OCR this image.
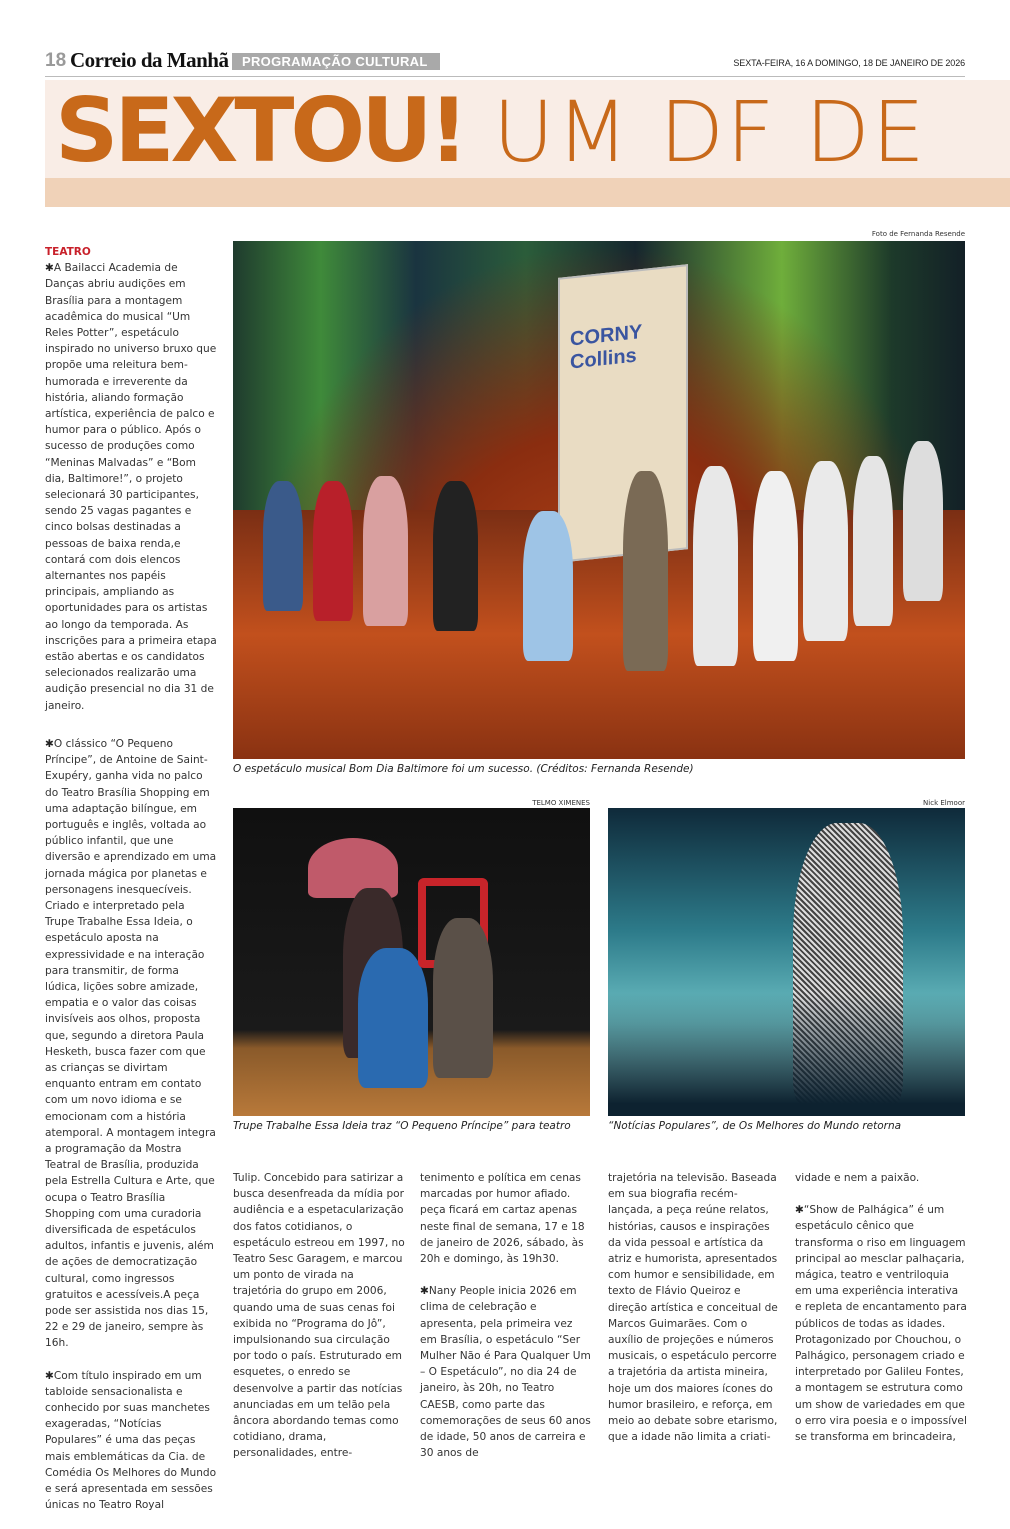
18 Correio da Manhã	PROGRAMAÇÃO CULTURAL	SEXTA-FEIRA, 16 A DOMINGO, 18 DE JANEIRO DE 2026
SEXTOU! UM DF DE
TEATRO

✱A Bailacci Academia de Danças abriu audições em Brasília para a montagem acadêmica do musical “Um Reles Potter”, espetáculo inspirado no universo bruxo que propõe uma releitura bem-humorada e irreverente da história, aliando formação artística, experiência de palco e humor para o público. Após o sucesso de produções como “Meninas Malvadas” e “Bom dia, Baltimore!”, o projeto selecionará 30 participantes, sendo 25 vagas pagantes e cinco bolsas destinadas a pessoas de baixa renda,e contará com dois elencos alternantes nos papéis principais, ampliando as oportunidades para os artistas ao longo da temporada. As inscrições para a primeira etapa estão abertas e os candidatos selecionados realizarão uma audição presencial no dia 31 de janeiro.

✱O clássico “O Pequeno Príncipe”, de Antoine de Saint-Exupéry, ganha vida no palco do Teatro Brasília Shopping em uma adaptação bilíngue, em português e inglês, voltada ao público infantil, que une diversão e aprendizado em uma jornada mágica por planetas e personagens inesquecíveis. Criado e interpretado pela Trupe Trabalhe Essa Ideia, o espetáculo aposta na expressividade e na interação para transmitir, de forma lúdica, lições sobre amizade, empatia e o valor das coisas invisíveis aos olhos, proposta que, segundo a diretora Paula Hesketh, busca fazer com que as crianças se divirtam enquanto entram em contato com um novo idioma e se emocionam com a história atemporal. A montagem integra a programação da Mostra Teatral de Brasília, produzida pela Estrella Cultura e Arte, que ocupa o Teatro Brasília Shopping com uma curadoria diversificada de espetáculos adultos, infantis e juvenis, além de ações de democratização cultural, como ingressos gratuitos e acessíveis.A peça pode ser assistida nos dias 15, 22 e 29 de janeiro, sempre às 16h.

✱Com título inspirado em um tabloide sensacionalista e conhecido por suas manchetes exageradas, “Notícias Populares” é uma das peças mais emblemáticas da Cia. de Comédia Os Melhores do Mundo e será apresentada em sessões únicas no Teatro Royal

Foto de Fernanda Resende
CORNY Collins
O espetáculo musical Bom Dia Baltimore foi um sucesso. (Créditos: Fernanda Resende)
TELMO XIMENES	Nick Elmoor
Trupe Trabalhe Essa Ideia traz “O Pequeno Príncipe” para teatro	“Notícias Populares”, de Os Melhores do Mundo retorna

Tulip. Concebido para satirizar a busca desenfreada da mídia por audiência e a espetacularização dos fatos cotidianos, o espetáculo estreou em 1997, no Teatro Sesc Garagem, e marcou um ponto de virada na trajetória do grupo em 2006, quando uma de suas cenas foi exibida no “Programa do Jô”, impulsionando sua circulação por todo o país. Estruturado em esquetes, o enredo se desenvolve a partir das notícias anunciadas em um telão pela âncora abordando temas como cotidiano, drama, personalidades, entre-

tenimento e política em cenas marcadas por humor afiado. peça ficará em cartaz apenas neste final de semana, 17 e 18 de janeiro de 2026, sábado, às 20h e domingo, às 19h30.

✱Nany People inicia 2026 em clima de celebração e apresenta, pela primeira vez em Brasília, o espetáculo “Ser Mulher Não é Para Qualquer Um – O Espetáculo”, no dia 24 de janeiro, às 20h, no Teatro CAESB, como parte das comemorações de seus 60 anos de idade, 50 anos de carreira e 30 anos de

trajetória na televisão. Baseada em sua biografia recém-lançada, a peça reúne relatos, histórias, causos e inspirações da vida pessoal e artística da atriz e humorista, apresentados com humor e sensibilidade, em texto de Flávio Queiroz e direção artística e conceitual de Marcos Guimarães. Com o auxílio de projeções e números musicais, o espetáculo percorre a trajetória da artista mineira, hoje um dos maiores ícones do humor brasileiro, e reforça, em meio ao debate sobre etarismo, que a idade não limita a criati-

vidade e nem a paixão.

✱“Show de Palhágica” é um espetáculo cênico que transforma o riso em linguagem principal ao mesclar palhaçaria, mágica, teatro e ventriloquia em uma experiência interativa e repleta de encantamento para públicos de todas as idades. Protagonizado por Chouchou, o Palhágico, personagem criado e interpretado por Galileu Fontes, a montagem se estrutura como um show de variedades em que o erro vira poesia e o impossível se transforma em brincadeira,
